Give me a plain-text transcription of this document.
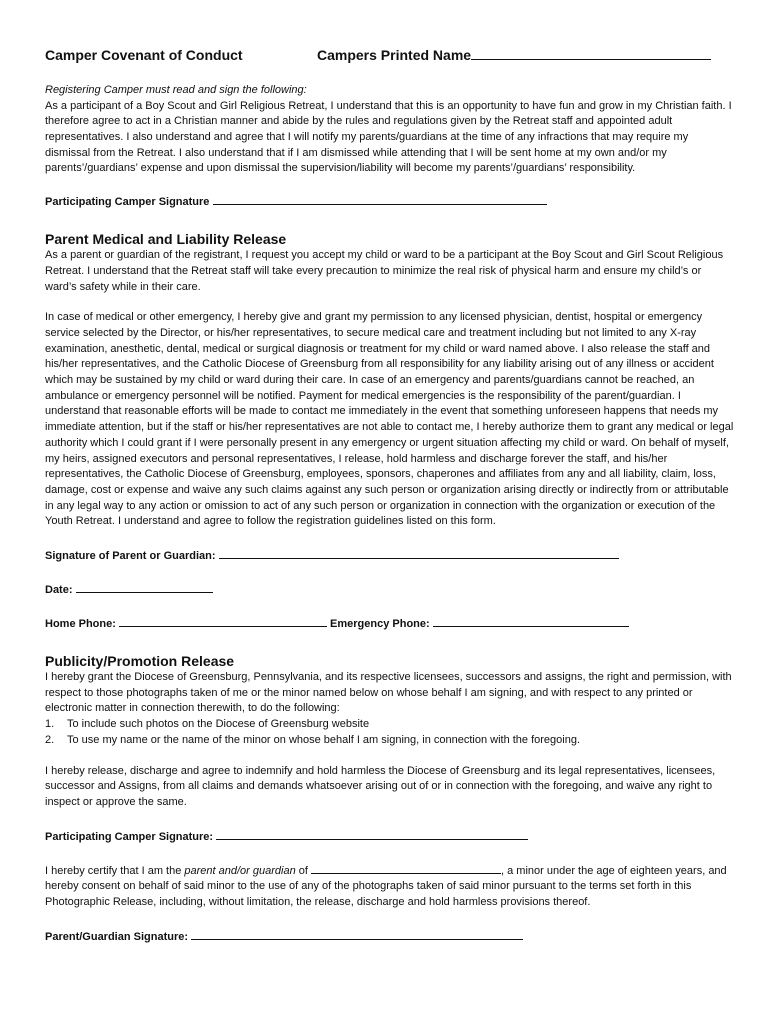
Camper Covenant of Conduct	Campers Printed Name
Registering Camper must read and sign the following:

As a participant of a Boy Scout and Girl Religious Retreat, I understand that this is an opportunity to have fun and grow in my Christian faith. I therefore agree to act in a Christian manner and abide by the rules and regulations given by the Retreat staff and appointed adult representatives. I also understand and agree that I will notify my parents/guardians at the time of any infractions that may require my dismissal from the Retreat. I also understand that if I am dismissed while attending that I will be sent home at my own and/or my parents’/guardians’ expense and upon dismissal the supervision/liability will become my parents’/guardians’ responsibility.

Participating Camper Signature
Parent Medical and Liability Release

As a parent or guardian of the registrant, I request you accept my child or ward to be a participant at the Boy Scout and Girl Scout Religious Retreat. I understand that the Retreat staff will take every precaution to minimize the real risk of physical harm and ensure my child’s or ward’s safety while in their care.

In case of medical or other emergency, I hereby give and grant my permission to any licensed physician, dentist, hospital or emergency service selected by the Director, or his/her representatives, to secure medical care and treatment including but not limited to any X-ray examination, anesthetic, dental, medical or surgical diagnosis or treatment for my child or ward named above. I also release the staff and his/her representatives, and the Catholic Diocese of Greensburg from all responsibility for any liability arising out of any illness or accident which may be sustained by my child or ward during their care. In case of an emergency and parents/guardians cannot be reached, an ambulance or emergency personnel will be notified. Payment for medical emergencies is the responsibility of the parent/guardian. I understand that reasonable efforts will be made to contact me immediately in the event that something unforeseen happens that needs my immediate attention, but if the staff or his/her representatives are not able to contact me, I hereby authorize them to grant any medical or legal authority which I could grant if I were personally present in any emergency or urgent situation affecting my child or ward. On behalf of myself, my heirs, assigned executors and personal representatives, I release, hold harmless and discharge forever the staff, and his/her representatives, the Catholic Diocese of Greensburg, employees, sponsors, chaperones and affiliates from any and all liability, claim, loss, damage, cost or expense and waive any such claims against any such person or organization arising directly or indirectly from or attributable in any legal way to any action or omission to act of any such person or organization in connection with the organization or execution of the Youth Retreat. I understand and agree to follow the registration guidelines listed on this form.

Signature of Parent or Guardian:
Date:
Home Phone:	Emergency Phone:
Publicity/Promotion Release

I hereby grant the Diocese of Greensburg, Pennsylvania, and its respective licensees, successors and assigns, the right and permission, with respect to those photographs taken of me or the minor named below on whose behalf I am signing, and with respect to any printed or electronic matter in connection therewith, to do the following:

1. To include such photos on the Diocese of Greensburg website
2. To use my name or the name of the minor on whose behalf I am signing, in connection with the foregoing.

I hereby release, discharge and agree to indemnify and hold harmless the Diocese of Greensburg and its legal representatives, licensees, successor and Assigns, from all claims and demands whatsoever arising out of or in connection with the foregoing, and waive any right to inspect or approve the same.

Participating Camper Signature:

I hereby certify that I am the parent and/or guardian of	, a minor under the age of eighteen years, and hereby consent on behalf of said minor to the use of any of the photographs taken of said minor pursuant to the terms set forth in this Photographic Release, including, without limitation, the release, discharge and hold harmless provisions thereof.

Parent/Guardian Signature:
